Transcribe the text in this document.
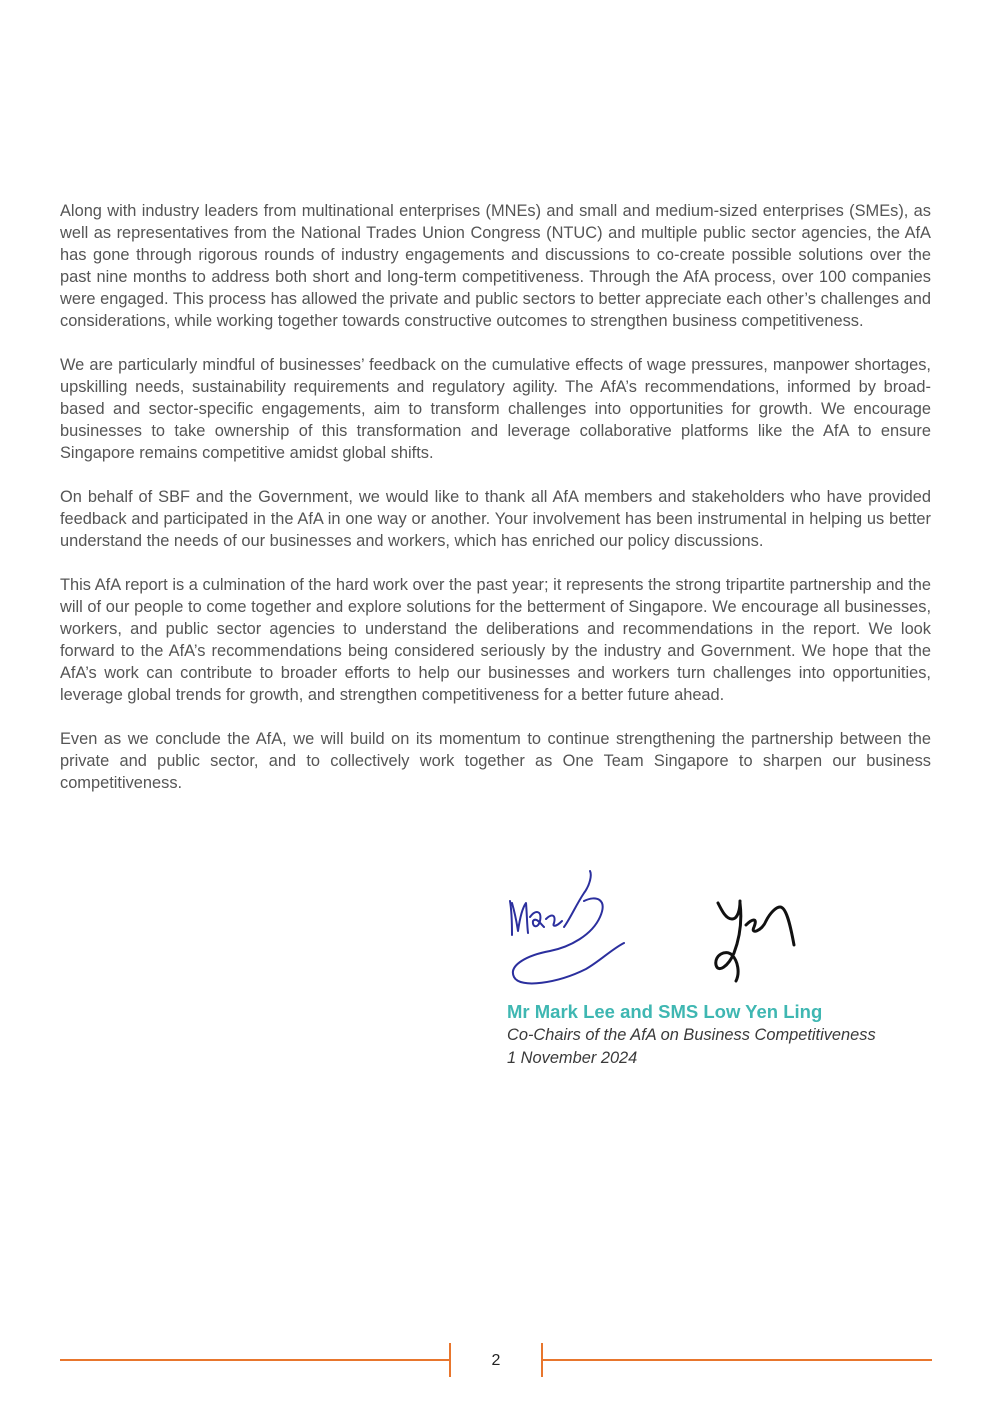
Along with industry leaders from multinational enterprises (MNEs) and small and medium-sized enterprises (SMEs), as well as representatives from the National Trades Union Congress (NTUC) and multiple public sector agencies, the AfA has gone through rigorous rounds of industry engagements and discussions to co-create possible solutions over the past nine months to address both short and long-term competitiveness. Through the AfA process, over 100 companies were engaged. This process has allowed the private and public sectors to better appreciate each other’s challenges and considerations, while working together towards constructive outcomes to strengthen business competitiveness.

We are particularly mindful of businesses’ feedback on the cumulative effects of wage pressures, manpower shortages, upskilling needs, sustainability requirements and regulatory agility. The AfA’s recommendations, informed by broad-based and sector-specific engagements, aim to transform challenges into opportunities for growth. We encourage businesses to take ownership of this transformation and leverage collaborative platforms like the AfA to ensure Singapore remains competitive amidst global shifts.

On behalf of SBF and the Government, we would like to thank all AfA members and stakeholders who have provided feedback and participated in the AfA in one way or another. Your involvement has been instrumental in helping us better understand the needs of our businesses and workers, which has enriched our policy discussions.

This AfA report is a culmination of the hard work over the past year; it represents the strong tripartite partnership and the will of our people to come together and explore solutions for the betterment of Singapore. We encourage all businesses, workers, and public sector agencies to understand the deliberations and recommendations in the report. We look forward to the AfA’s recommendations being considered seriously by the industry and Government. We hope that the AfA’s work can contribute to broader efforts to help our businesses and workers turn challenges into opportunities, leverage global trends for growth, and strengthen competitiveness for a better future ahead.

Even as we conclude the AfA, we will build on its momentum to continue strengthening the partnership between the private and public sector, and to collectively work together as One Team Singapore to sharpen our business competitiveness.

Mr Mark Lee and SMS Low Yen Ling
Co-Chairs of the AfA on Business Competitiveness
1 November 2024
2
